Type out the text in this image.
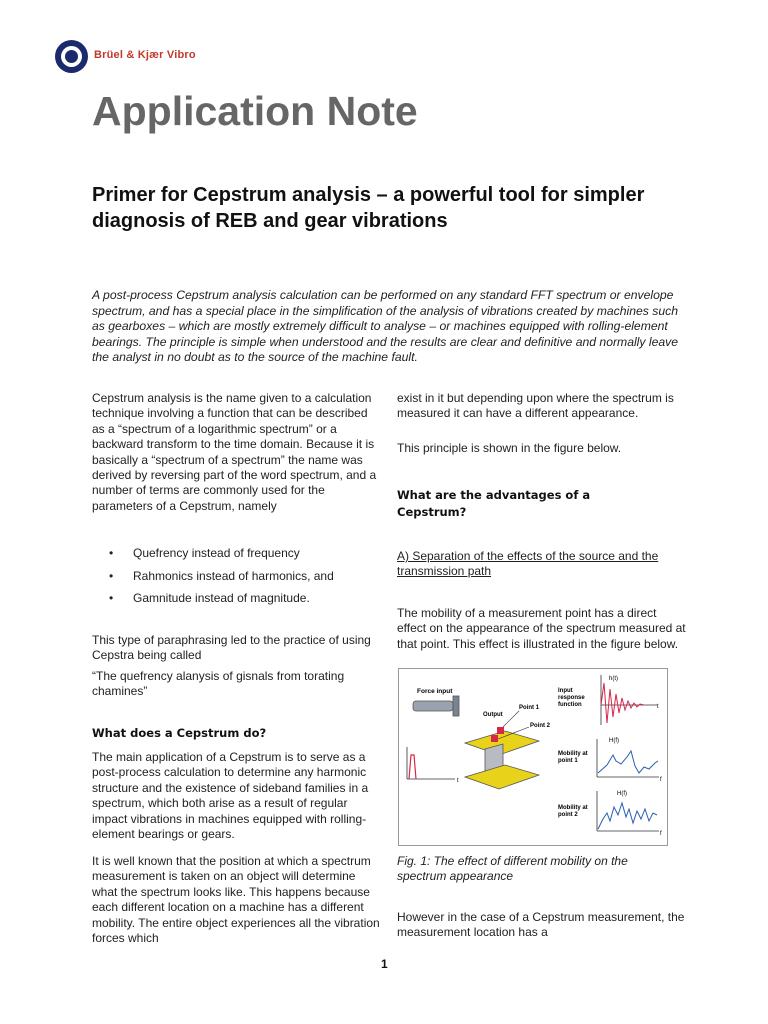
Brüel & Kjær Vibro
Application Note
Primer for Cepstrum analysis – a powerful tool for simpler diagnosis of REB and gear vibrations
A post-process Cepstrum analysis calculation can be performed on any standard FFT spectrum or envelope spectrum, and has a special place in the simplification of the analysis of vibrations created by machines such as gearboxes – which are mostly extremely difficult to analyse – or machines equipped with rolling-element bearings. The principle is simple when understood and the results are clear and definitive and normally leave the analyst in no doubt as to the source of the machine fault.
Cepstrum analysis is the name given to a calculation technique involving a function that can be described as a “spectrum of a logarithmic spectrum” or a backward transform to the time domain. Because it is basically a “spectrum of a spectrum” the name was derived by reversing part of the word spectrum, and a number of terms are commonly used for the parameters of a Cepstrum, namely
• Quefrency instead of frequency
• Rahmonics instead of harmonics, and
• Gamnitude instead of magnitude.
This type of paraphrasing led to the practice of using Cepstra being called
“The quefrency alanysis of gisnals from torating chamines”
What does a Cepstrum do?
The main application of a Cepstrum is to serve as a post-process calculation to determine any harmonic structure and the existence of sideband families in a spectrum, which both arise as a result of regular impact vibrations in machines equipped with rolling-element bearings or gears.
It is well known that the position at which a spectrum measurement is taken on an object will determine what the spectrum looks like. This happens because each different location on a machine has a different mobility. The entire object experiences all the vibration forces which
exist in it but depending upon where the spectrum is measured it can have a different appearance.
This principle is shown in the figure below.
What are the advantages of a Cepstrum?
A) Separation of the effects of the source and the transmission path
The mobility of a measurement point has a direct effect on the appearance of the spectrum measured at that point. This effect is illustrated in the figure below.
Force input
Output
Point 1
Point 2
Input response function
Mobility at point 1
Mobility at point 2
t
h(t)
t
H(f)
f
H(f)
f
Fig. 1: The effect of different mobility on the spectrum appearance
However in the case of a Cepstrum measurement, the measurement location has a
1
